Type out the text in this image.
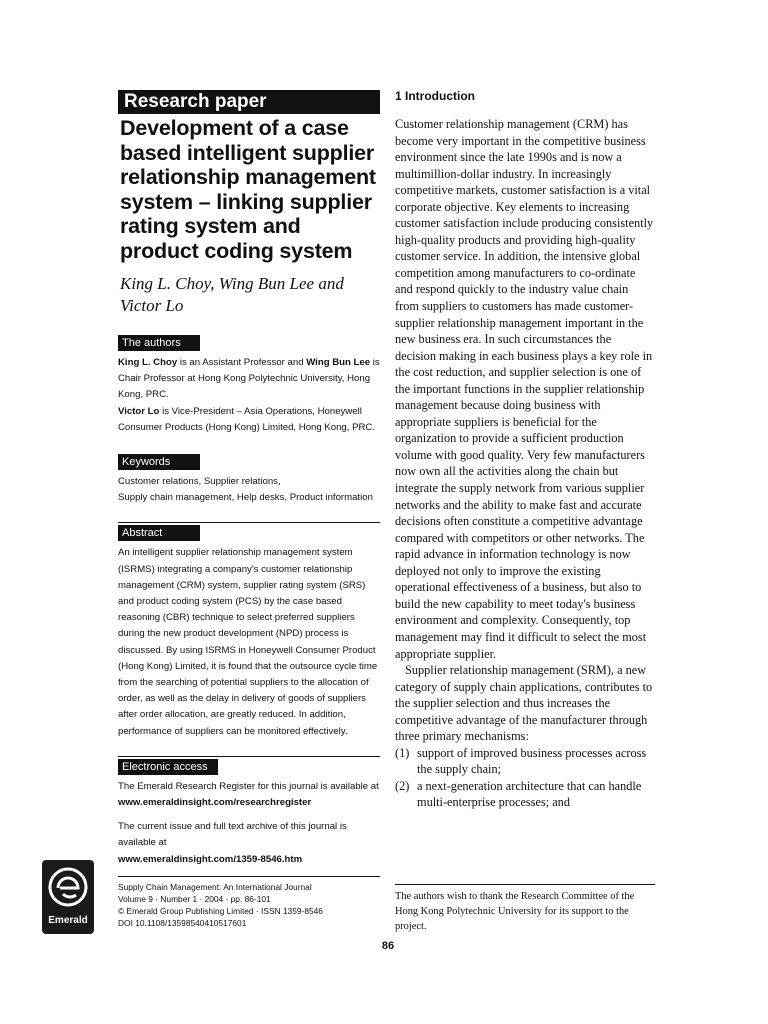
Research paper
Development of a case based intelligent supplier relationship management system – linking supplier rating system and product coding system
King L. Choy, Wing Bun Lee and Victor Lo
The authors

King L. Choy is an Assistant Professor and Wing Bun Lee is Chair Professor at Hong Kong Polytechnic University, Hong Kong, PRC.
Victor Lo is Vice-President – Asia Operations, Honeywell Consumer Products (Hong Kong) Limited, Hong Kong, PRC.

Keywords

Customer relations, Supplier relations,
Supply chain management, Help desks, Product information

Abstract

An intelligent supplier relationship management system (ISRMS) integrating a company's customer relationship management (CRM) system, supplier rating system (SRS) and product coding system (PCS) by the case based reasoning (CBR) technique to select preferred suppliers during the new product development (NPD) process is discussed. By using ISRMS in Honeywell Consumer Product (Hong Kong) Limited, it is found that the outsource cycle time from the searching of potential suppliers to the allocation of order, as well as the delay in delivery of goods of suppliers after order allocation, are greatly reduced. In addition, performance of suppliers can be monitored effectively.

Electronic access

The Emerald Research Register for this journal is available at
www.emeraldinsight.com/researchregister

The current issue and full text archive of this journal is available at
www.emeraldinsight.com/1359-8546.htm

Supply Chain Management: An International Journal
Volume 9 · Number 1 · 2004 · pp. 86-101
© Emerald Group Publishing Limited · ISSN 1359-8546
DOI 10.1108/13598540410517601
Emerald
1 Introduction

Customer relationship management (CRM) has become very important in the competitive business environment since the late 1990s and is now a multimillion-dollar industry. In increasingly competitive markets, customer satisfaction is a vital corporate objective. Key elements to increasing customer satisfaction include producing consistently high-quality products and providing high-quality customer service. In addition, the intensive global competition among manufacturers to co-ordinate and respond quickly to the industry value chain from suppliers to customers has made customer-supplier relationship management important in the new business era. In such circumstances the decision making in each business plays a key role in the cost reduction, and supplier selection is one of the important functions in the supplier relationship management because doing business with appropriate suppliers is beneficial for the organization to provide a sufficient production volume with good quality. Very few manufacturers now own all the activities along the chain but integrate the supply network from various supplier networks and the ability to make fast and accurate decisions often constitute a competitive advantage compared with competitors or other networks. The rapid advance in information technology is now deployed not only to improve the existing operational effectiveness of a business, but also to build the new capability to meet today's business environment and complexity. Consequently, top management may find it difficult to select the most appropriate supplier.

Supplier relationship management (SRM), a new category of supply chain applications, contributes to the supplier selection and thus increases the competitive advantage of the manufacturer through three primary mechanisms:

(1) support of improved business processes across the supply chain;
(2) a next-generation architecture that can handle multi-enterprise processes; and
The authors wish to thank the Research Committee of the Hong Kong Polytechnic University for its support to the project.
86
